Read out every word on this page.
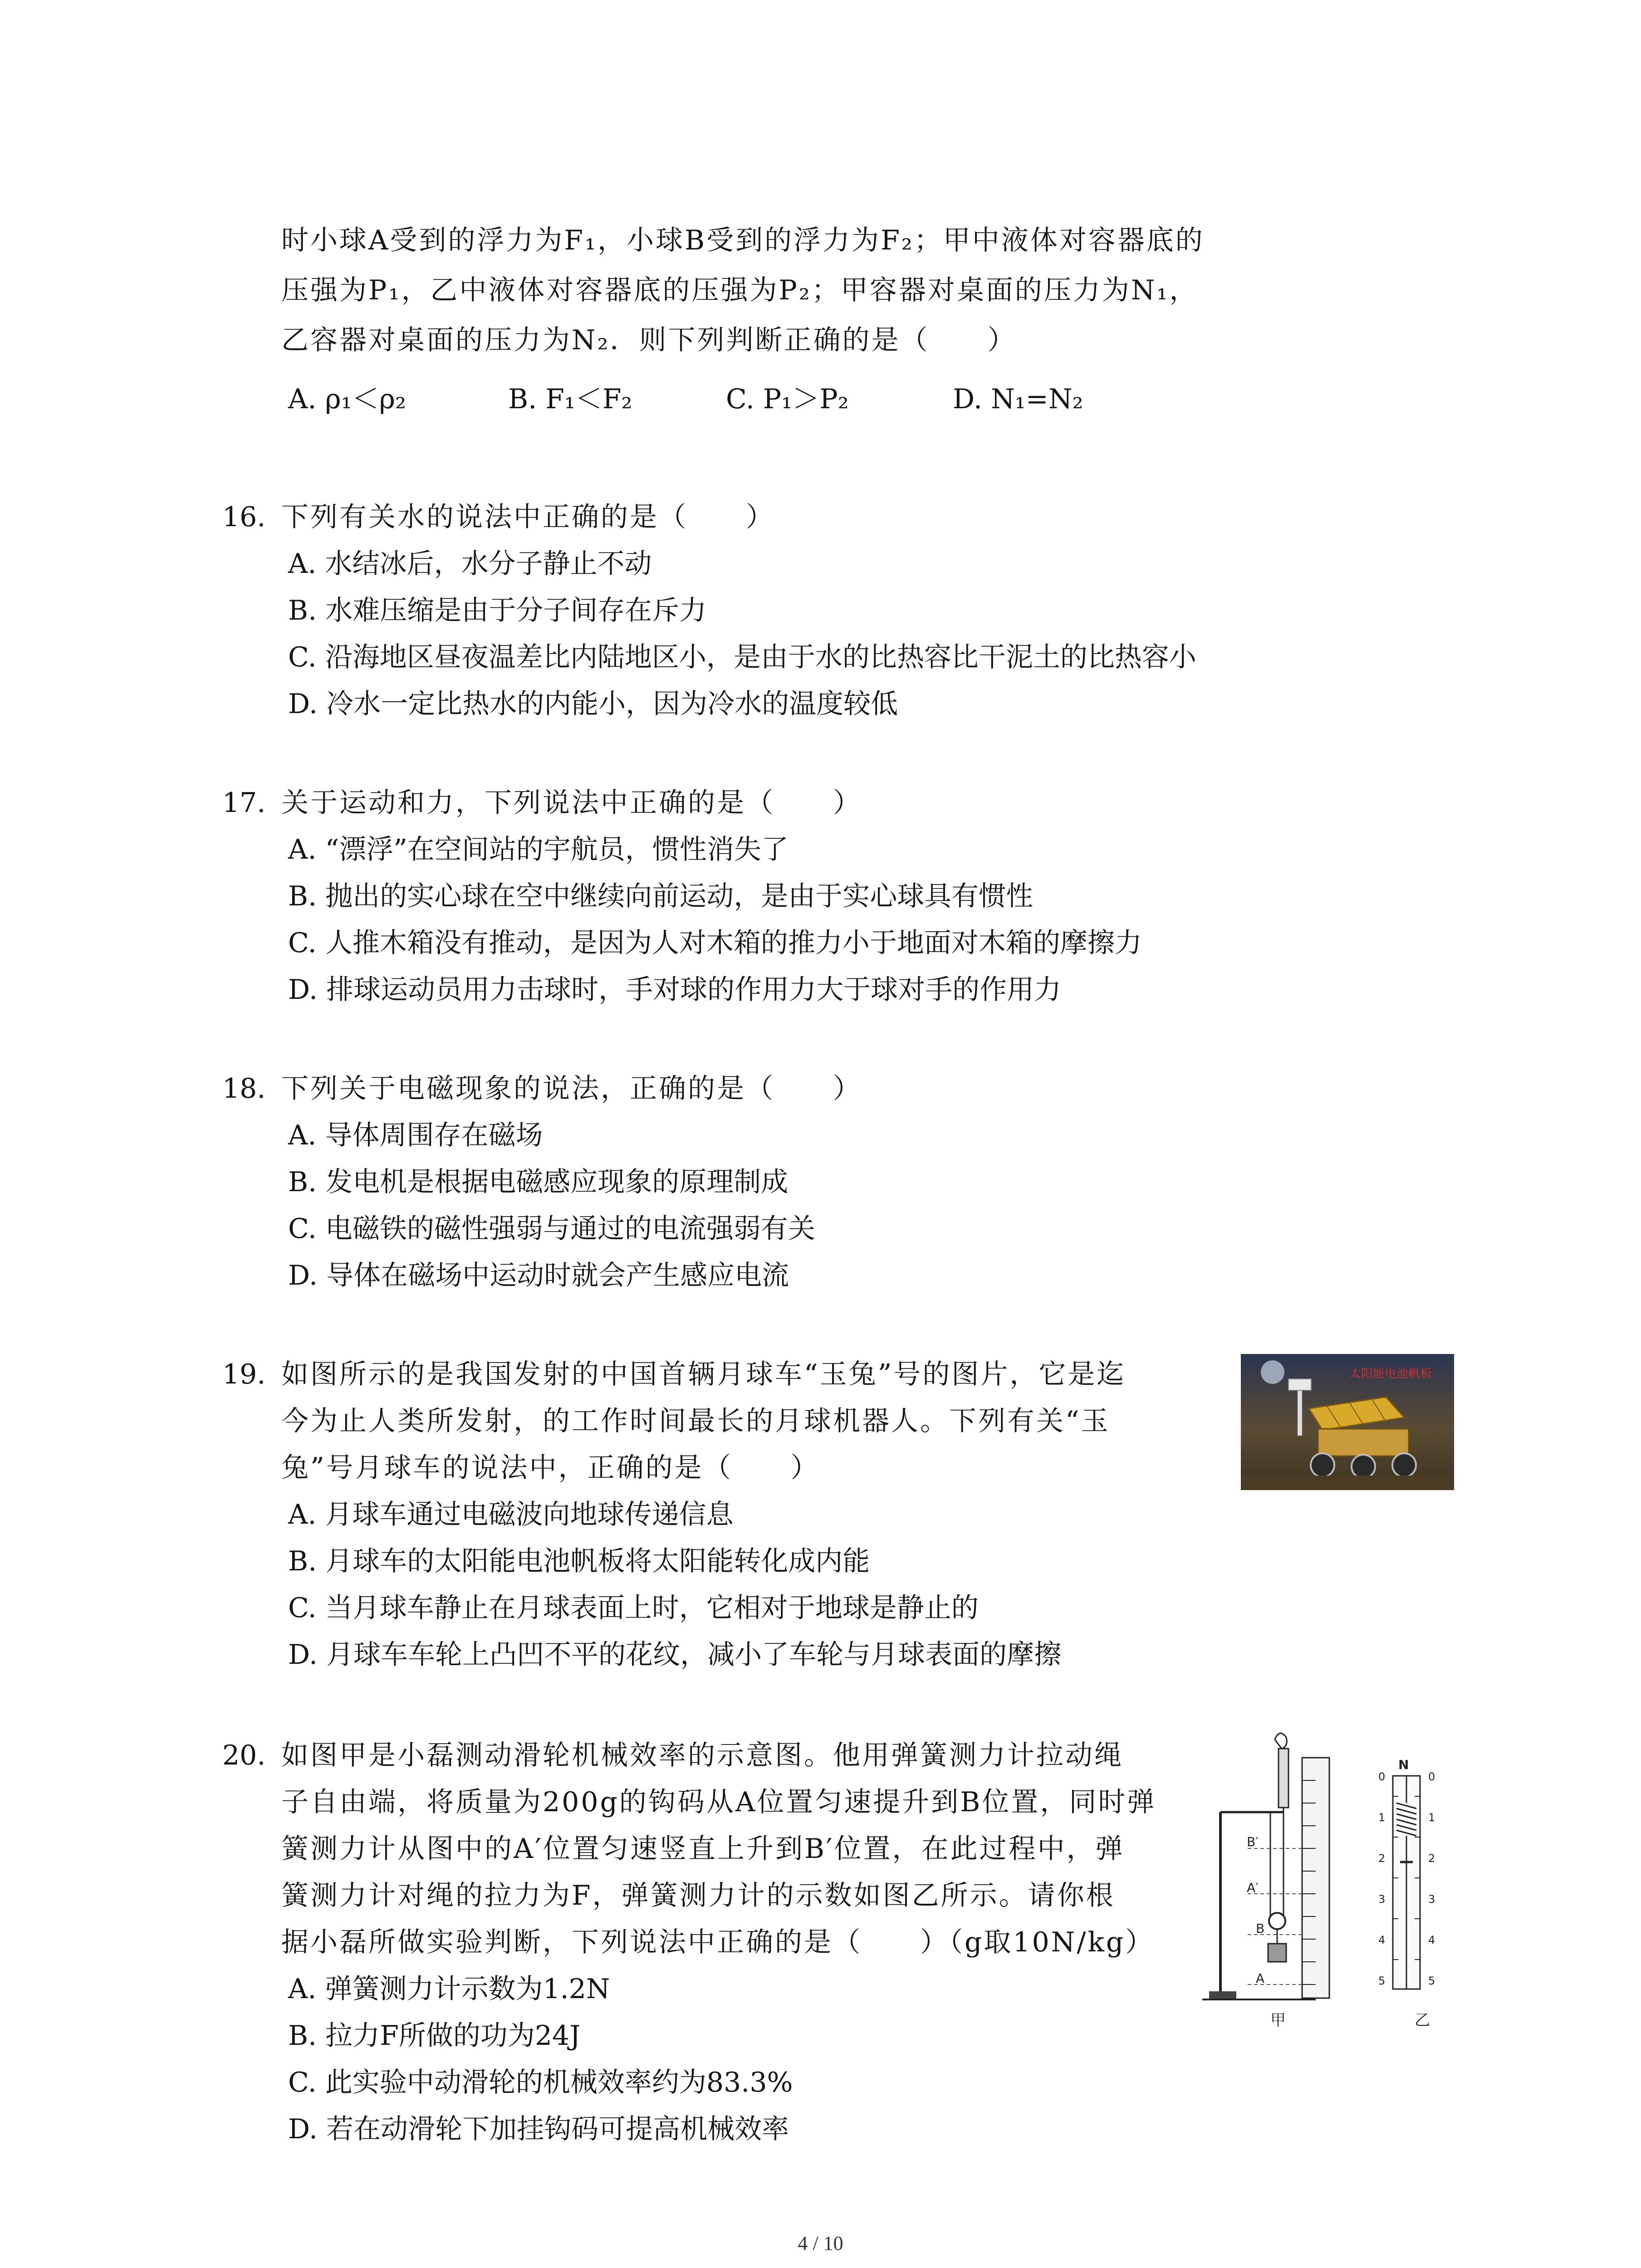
时小球A受到的浮力为F₁，小球B受到的浮力为F₂；甲中液体对容器底的
压强为P₁，乙中液体对容器底的压强为P₂；甲容器对桌面的压力为N₁，
乙容器对桌面的压力为N₂．则下列判断正确的是（　　）
A. ρ₁＜ρ₂	B. F₁＜F₂	C. P₁＞P₂	D. N₁=N₂
16. 下列有关水的说法中正确的是（　　）
A. 水结冰后，水分子静止不动
B. 水难压缩是由于分子间存在斥力
C. 沿海地区昼夜温差比内陆地区小，是由于水的比热容比干泥土的比热容小
D. 冷水一定比热水的内能小，因为冷水的温度较低
17. 关于运动和力，下列说法中正确的是（　　）
A. “漂浮”在空间站的宇航员，惯性消失了
B. 抛出的实心球在空中继续向前运动，是由于实心球具有惯性
C. 人推木箱没有推动，是因为人对木箱的推力小于地面对木箱的摩擦力
D. 排球运动员用力击球时，手对球的作用力大于球对手的作用力
18. 下列关于电磁现象的说法，正确的是（　　）
A. 导体周围存在磁场
B. 发电机是根据电磁感应现象的原理制成
C. 电磁铁的磁性强弱与通过的电流强弱有关
D. 导体在磁场中运动时就会产生感应电流
19. 如图所示的是我国发射的中国首辆月球车“玉兔”号的图片，它是迄
今为止人类所发射，的工作时间最长的月球机器人。下列有关“玉
兔”号月球车的说法中，正确的是（　　）
A. 月球车通过电磁波向地球传递信息
B. 月球车的太阳能电池帆板将太阳能转化成内能
C. 当月球车静止在月球表面上时，它相对于地球是静止的
D. 月球车车轮上凸凹不平的花纹，减小了车轮与月球表面的摩擦
太阳能电池帆板
20. 如图甲是小磊测动滑轮机械效率的示意图。他用弹簧测力计拉动绳
子自由端，将质量为200g的钩码从A位置匀速提升到B位置，同时弹
簧测力计从图中的A′位置匀速竖直上升到B′位置，在此过程中，弹
簧测力计对绳的拉力为F，弹簧测力计的示数如图乙所示。请你根
据小磊所做实验判断，下列说法中正确的是（　　）（g取10N/kg）
A. 弹簧测力计示数为1.2N
B. 拉力F所做的功为24J
C. 此实验中动滑轮的机械效率约为83.3%
D. 若在动滑轮下加挂钩码可提高机械效率
B′
A′
B
A
甲
N
0
1
2
3
4
5
0
1
2
3
4
5
乙
4 / 10
